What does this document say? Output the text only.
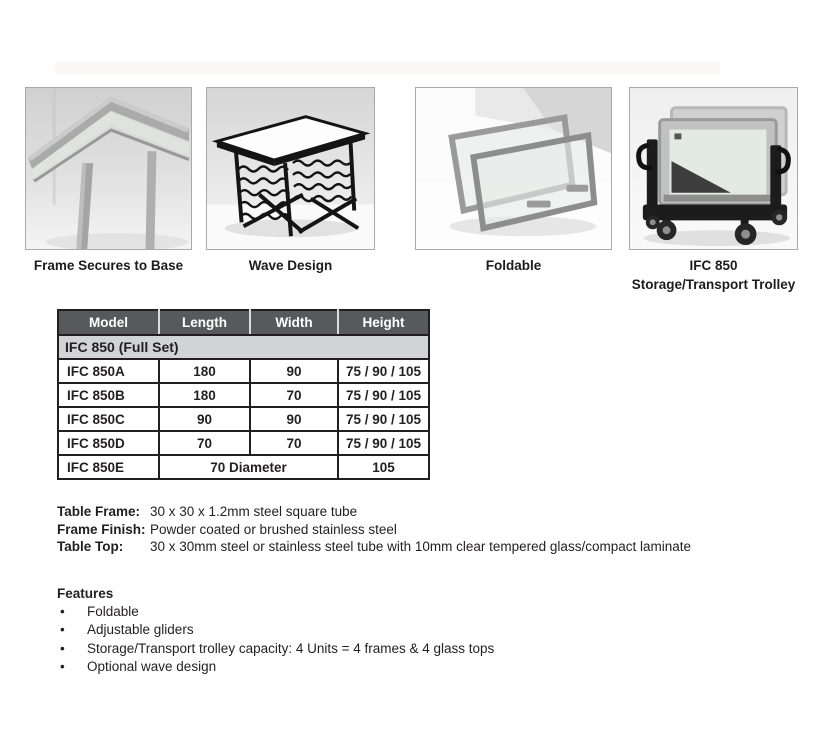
Frame Secures to Base	Wave Design	Foldable	IFC 850
Storage/Transport Trolley
Model	Length	Width	Height
IFC 850 (Full Set)			
IFC 850A	180	90	75 / 90 / 105
IFC 850B	180	70	75 / 90 / 105
IFC 850C	90	90	75 / 90 / 105
IFC 850D	70	70	75 / 90 / 105
IFC 850E	70 Diameter		105
Table Frame: 30 x 30 x 1.2mm steel square tube
Frame Finish: Powder coated or brushed stainless steel
Table Top:	30 x 30mm steel or stainless steel tube with 10mm clear tempered glass/compact laminate
Features
• Foldable
• Adjustable gliders
• Storage/Transport trolley capacity: 4 Units = 4 frames & 4 glass tops
• Optional wave design
